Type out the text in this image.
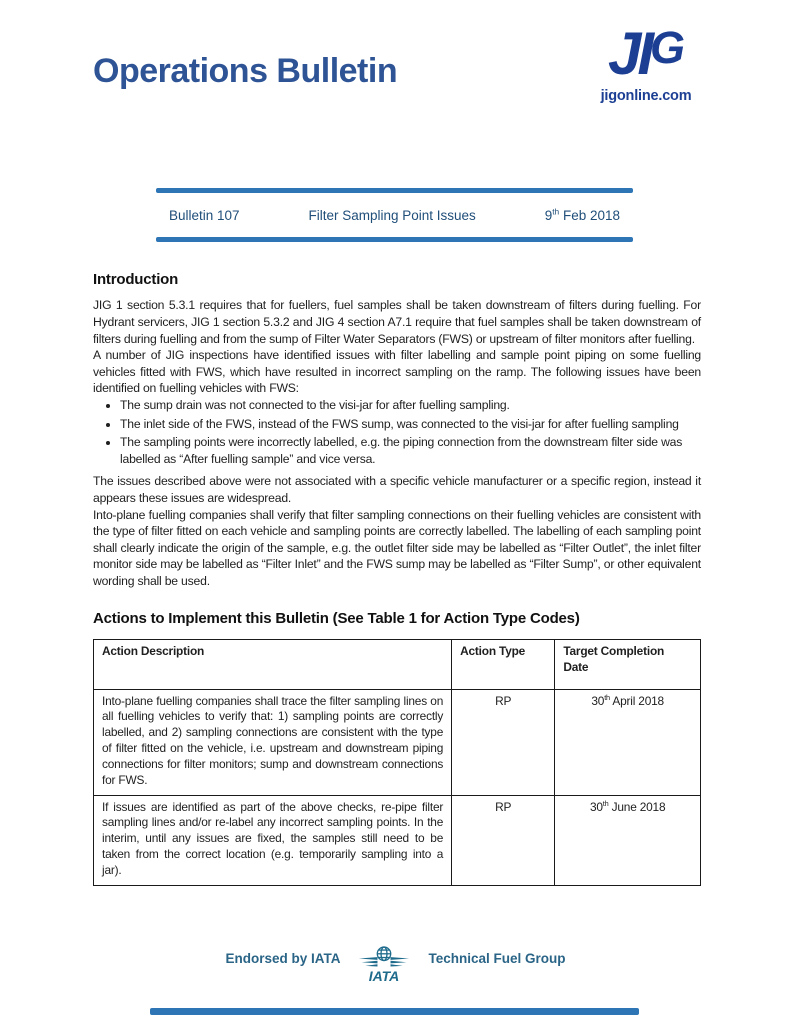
Operations Bulletin	JI G
jigonline.com
Bulletin 107	Filter Sampling Point Issues	9th Feb 2018
Introduction

JIG 1 section 5.3.1 requires that for fuellers, fuel samples shall be taken downstream of filters during fuelling. For Hydrant servicers, JIG 1 section 5.3.2 and JIG 4 section A7.1 require that fuel samples shall be taken downstream of filters during fuelling and from the sump of Filter Water Separators (FWS) or upstream of filter monitors after fuelling.

A number of JIG inspections have identified issues with filter labelling and sample point piping on some fuelling vehicles fitted with FWS, which have resulted in incorrect sampling on the ramp. The following issues have been identified on fuelling vehicles with FWS:

• The sump drain was not connected to the visi-jar for after fuelling sampling.
• The inlet side of the FWS, instead of the FWS sump, was connected to the visi-jar for after fuelling sampling
• The sampling points were incorrectly labelled, e.g. the piping connection from the downstream filter side was labelled as “After fuelling sample” and vice versa.

The issues described above were not associated with a specific vehicle manufacturer or a specific region, instead it appears these issues are widespread.

Into-plane fuelling companies shall verify that filter sampling connections on their fuelling vehicles are consistent with the type of filter fitted on each vehicle and sampling points are correctly labelled. The labelling of each sampling point shall clearly indicate the origin of the sample, e.g. the outlet filter side may be labelled as “Filter Outlet”, the inlet filter monitor side may be labelled as “Filter Inlet” and the FWS sump may be labelled as “Filter Sump”, or other equivalent wording shall be used.

Actions to Implement this Bulletin (See Table 1 for Action Type Codes)
Action Description	Action Type	Target Completion Date
Into-plane fuelling companies shall trace the filter sampling lines on all fuelling vehicles to verify that: 1) sampling points are correctly labelled, and 2) sampling connections are consistent with the type of filter fitted on the vehicle, i.e. upstream and downstream piping connections for filter monitors; sump and downstream connections for FWS.	RP	30th April 2018
If issues are identified as part of the above checks, re-pipe filter sampling lines and/or re-label any incorrect sampling points. In the interim, until any issues are fixed, the samples still need to be taken from the correct location (e.g. temporarily sampling into a jar).	RP	30th June 2018
Endorsed by IATA
IATA
Technical Fuel Group
